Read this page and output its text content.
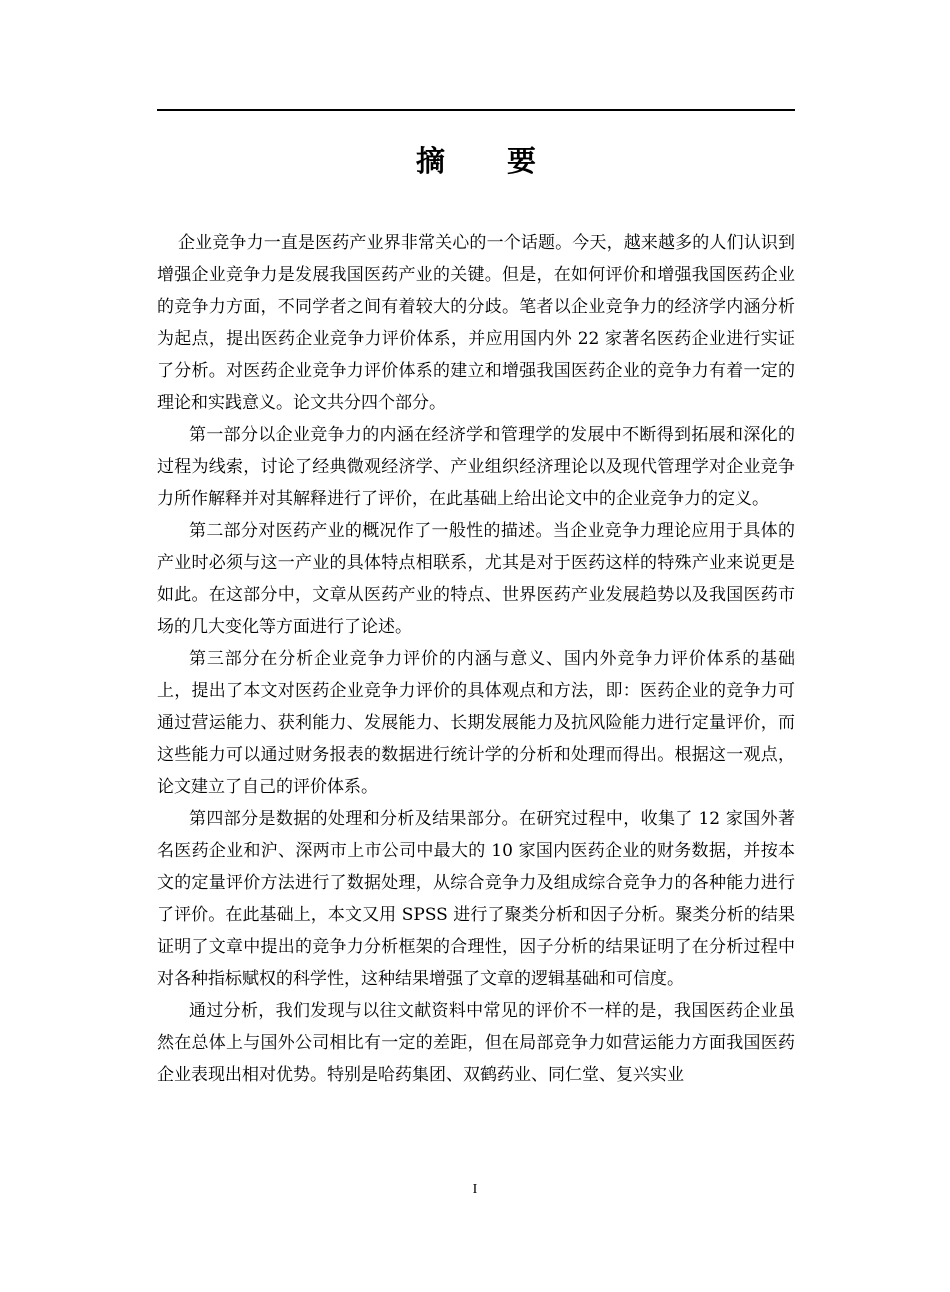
摘 要

企业竞争力一直是医药产业界非常关心的一个话题。今天，越来越多的人们认识到增强企业竞争力是发展我国医药产业的关键。但是，在如何评价和增强我国医药企业的竞争力方面，不同学者之间有着较大的分歧。笔者以企业竞争力的经济学内涵分析为起点，提出医药企业竞争力评价体系，并应用国内外 22 家著名医药企业进行实证了分析。对医药企业竞争力评价体系的建立和增强我国医药企业的竞争力有着一定的理论和实践意义。论文共分四个部分。

第一部分以企业竞争力的内涵在经济学和管理学的发展中不断得到拓展和深化的过程为线索，讨论了经典微观经济学、产业组织经济理论以及现代管理学对企业竞争力所作解释并对其解释进行了评价，在此基础上给出论文中的企业竞争力的定义。

第二部分对医药产业的概况作了一般性的描述。当企业竞争力理论应用于具体的产业时必须与这一产业的具体特点相联系，尤其是对于医药这样的特殊产业来说更是如此。在这部分中，文章从医药产业的特点、世界医药产业发展趋势以及我国医药市场的几大变化等方面进行了论述。

第三部分在分析企业竞争力评价的内涵与意义、国内外竞争力评价体系的基础上，提出了本文对医药企业竞争力评价的具体观点和方法，即：医药企业的竞争力可通过营运能力、获利能力、发展能力、长期发展能力及抗风险能力进行定量评价，而这些能力可以通过财务报表的数据进行统计学的分析和处理而得出。根据这一观点，论文建立了自己的评价体系。

第四部分是数据的处理和分析及结果部分。在研究过程中，收集了 12 家国外著名医药企业和沪、深两市上市公司中最大的 10 家国内医药企业的财务数据，并按本文的定量评价方法进行了数据处理，从综合竞争力及组成综合竞争力的各种能力进行了评价。在此基础上，本文又用 SPSS 进行了聚类分析和因子分析。聚类分析的结果证明了文章中提出的竞争力分析框架的合理性，因子分析的结果证明了在分析过程中对各种指标赋权的科学性，这种结果增强了文章的逻辑基础和可信度。

通过分析，我们发现与以往文献资料中常见的评价不一样的是，我国医药企业虽然在总体上与国外公司相比有一定的差距，但在局部竞争力如营运能力方面我国医药企业表现出相对优势。特别是哈药集团、双鹤药业、同仁堂、复兴实业

I
